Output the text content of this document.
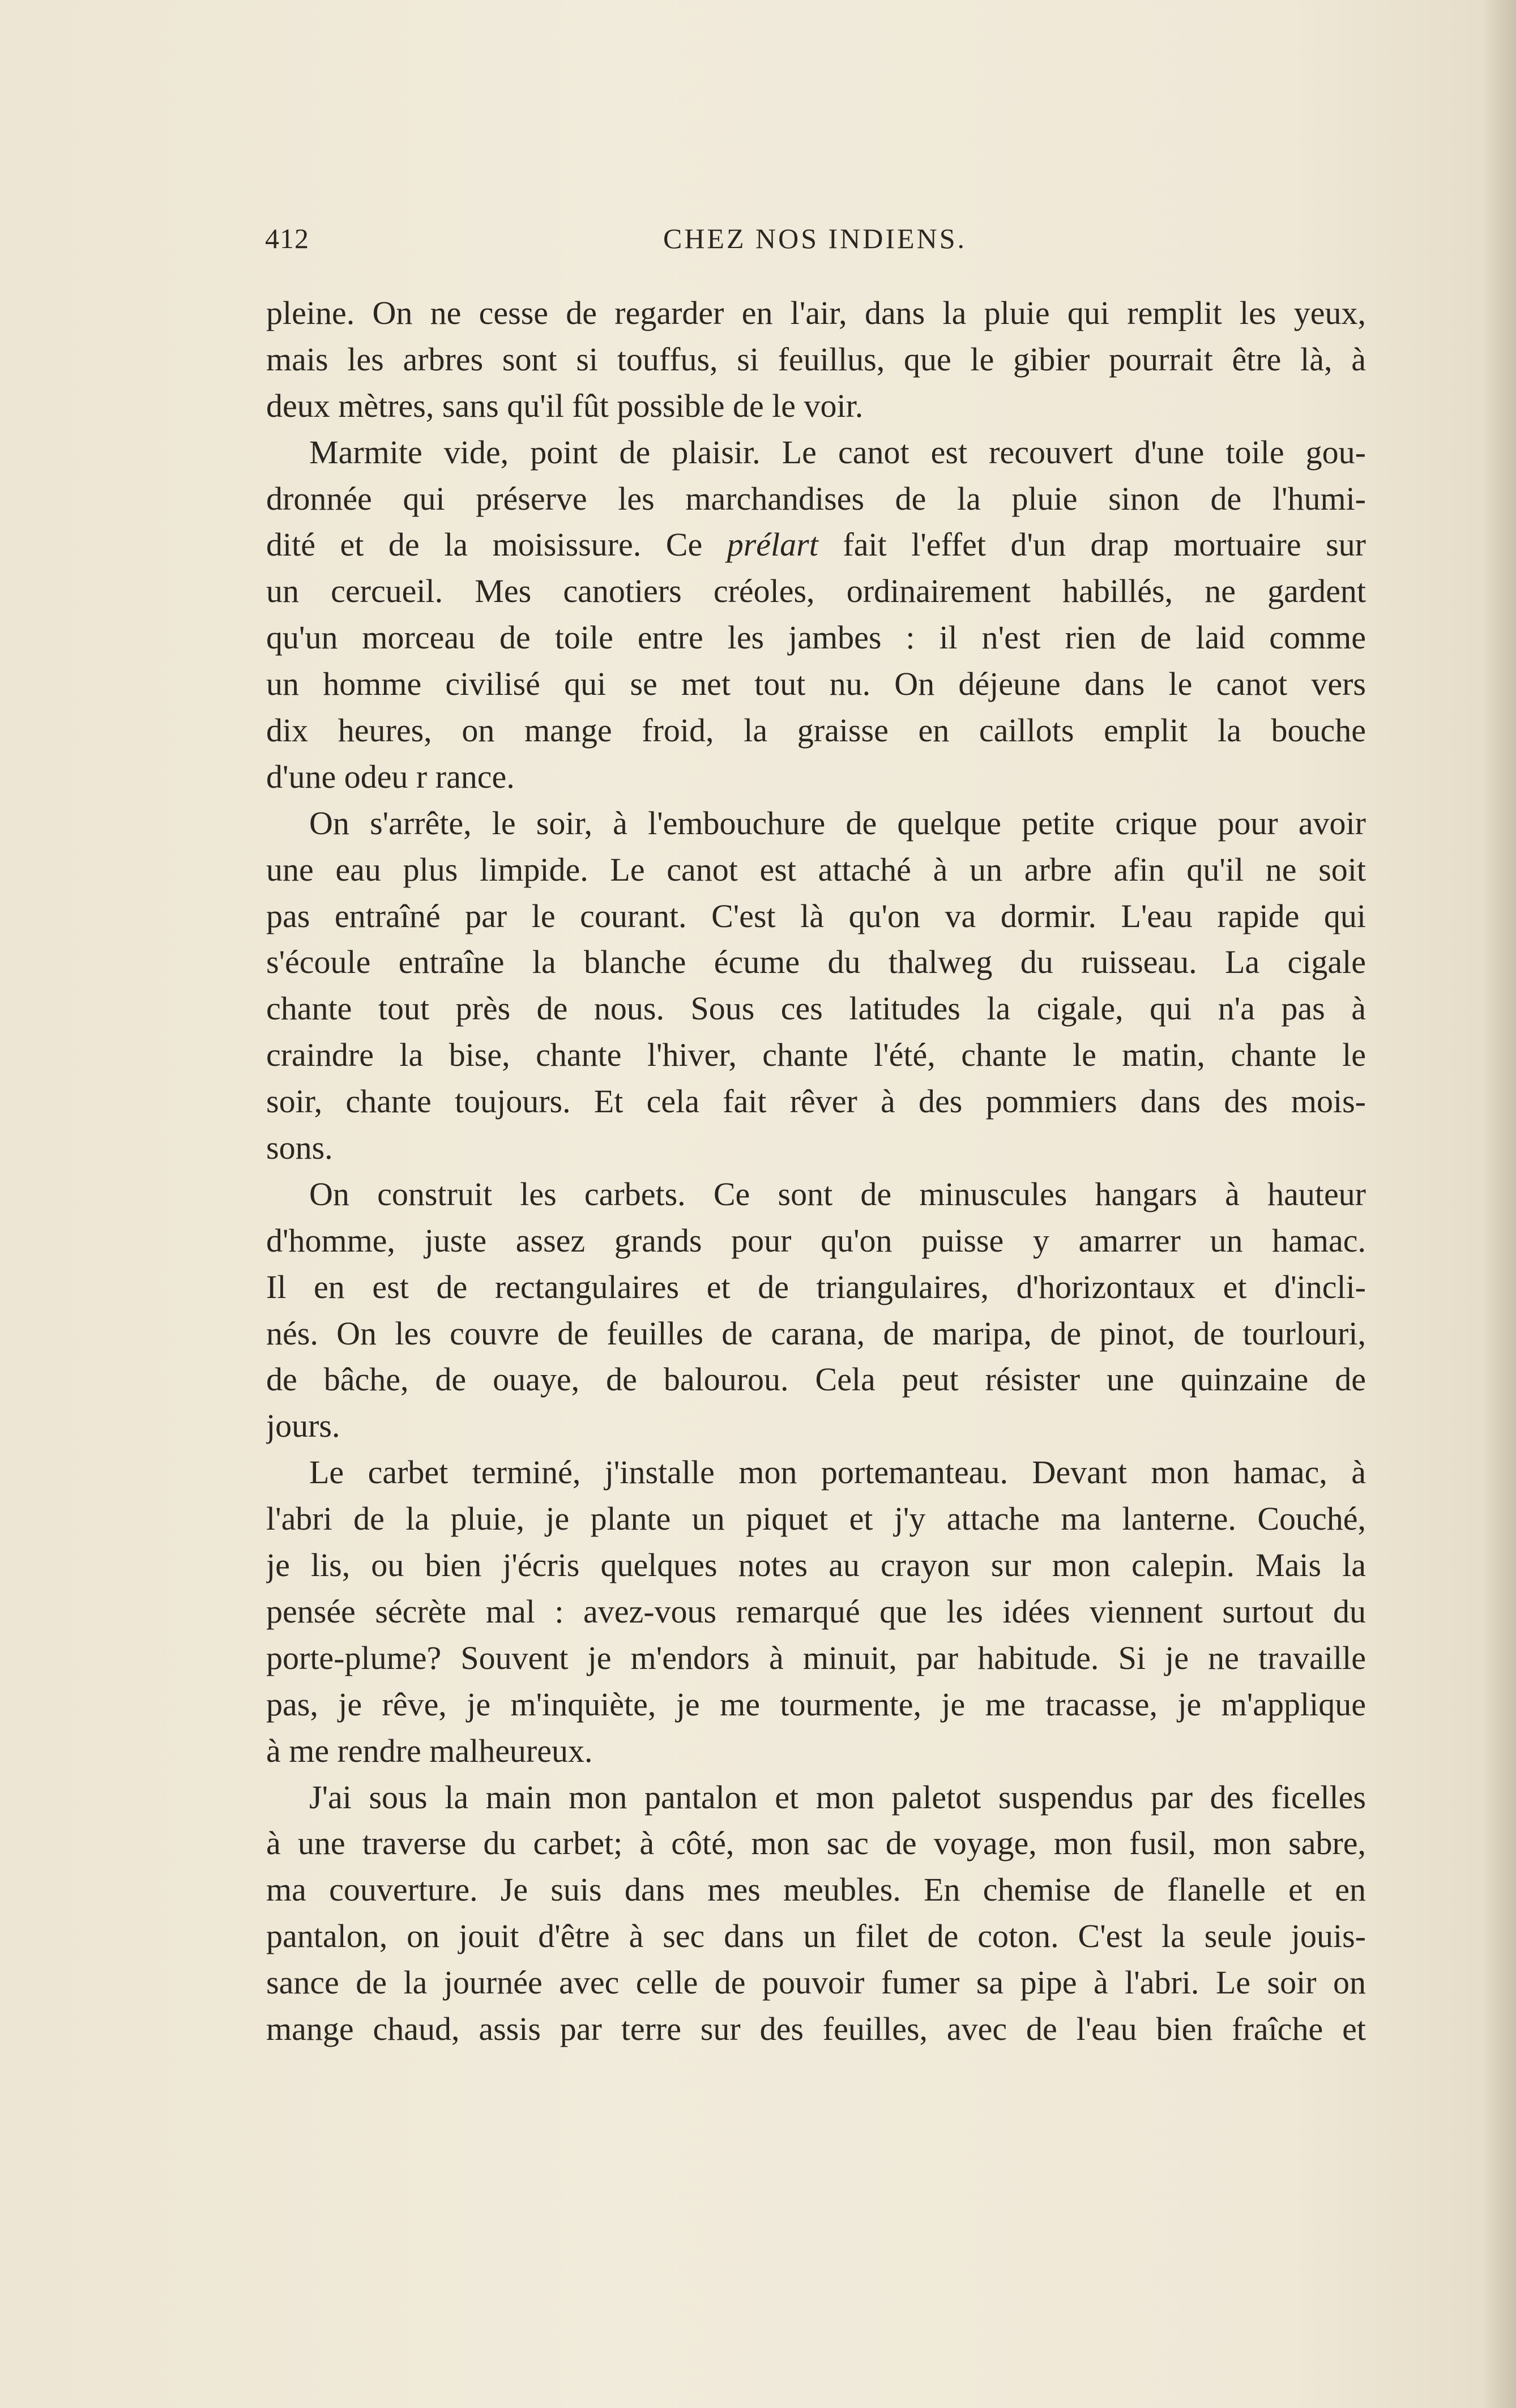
412	CHEZ NOS INDIENS.
pleine. On ne cesse de regarder en l'air, dans la pluie qui remplit les yeux,
mais les arbres sont si touffus, si feuillus, que le gibier pourrait être là, à
deux mètres, sans qu'il fût possible de le voir.
Marmite vide, point de plaisir. Le canot est recouvert d'une toile gou-
dronnée qui préserve les marchandises de la pluie sinon de l'humi-
dité et de la moisissure. Ce prélart fait l'effet d'un drap mortuaire sur
un cercueil. Mes canotiers créoles, ordinairement habillés, ne gardent
qu'un morceau de toile entre les jambes : il n'est rien de laid comme
un homme civilisé qui se met tout nu. On déjeune dans le canot vers
dix heures, on mange froid, la graisse en caillots emplit la bouche
d'une odeu r rance.
On s'arrête, le soir, à l'embouchure de quelque petite crique pour avoir
une eau plus limpide. Le canot est attaché à un arbre afin qu'il ne soit
pas entraîné par le courant. C'est là qu'on va dormir. L'eau rapide qui
s'écoule entraîne la blanche écume du thalweg du ruisseau. La cigale
chante tout près de nous. Sous ces latitudes la cigale, qui n'a pas à
craindre la bise, chante l'hiver, chante l'été, chante le matin, chante le
soir, chante toujours. Et cela fait rêver à des pommiers dans des mois-
sons.
On construit les carbets. Ce sont de minuscules hangars à hauteur
d'homme, juste assez grands pour qu'on puisse y amarrer un hamac.
Il en est de rectangulaires et de triangulaires, d'horizontaux et d'incli-
nés. On les couvre de feuilles de carana, de maripa, de pinot, de tourlouri,
de bâche, de ouaye, de balourou. Cela peut résister une quinzaine de
jours.
Le carbet terminé, j'installe mon portemanteau. Devant mon hamac, à
l'abri de la pluie, je plante un piquet et j'y attache ma lanterne. Couché,
je lis, ou bien j'écris quelques notes au crayon sur mon calepin. Mais la
pensée sécrète mal : avez-vous remarqué que les idées viennent surtout du
porte-plume? Souvent je m'endors à minuit, par habitude. Si je ne travaille
pas, je rêve, je m'inquiète, je me tourmente, je me tracasse, je m'applique
à me rendre malheureux.
J'ai sous la main mon pantalon et mon paletot suspendus par des ficelles
à une traverse du carbet; à côté, mon sac de voyage, mon fusil, mon sabre,
ma couverture. Je suis dans mes meubles. En chemise de flanelle et en
pantalon, on jouit d'être à sec dans un filet de coton. C'est la seule jouis-
sance de la journée avec celle de pouvoir fumer sa pipe à l'abri. Le soir on
mange chaud, assis par terre sur des feuilles, avec de l'eau bien fraîche et
